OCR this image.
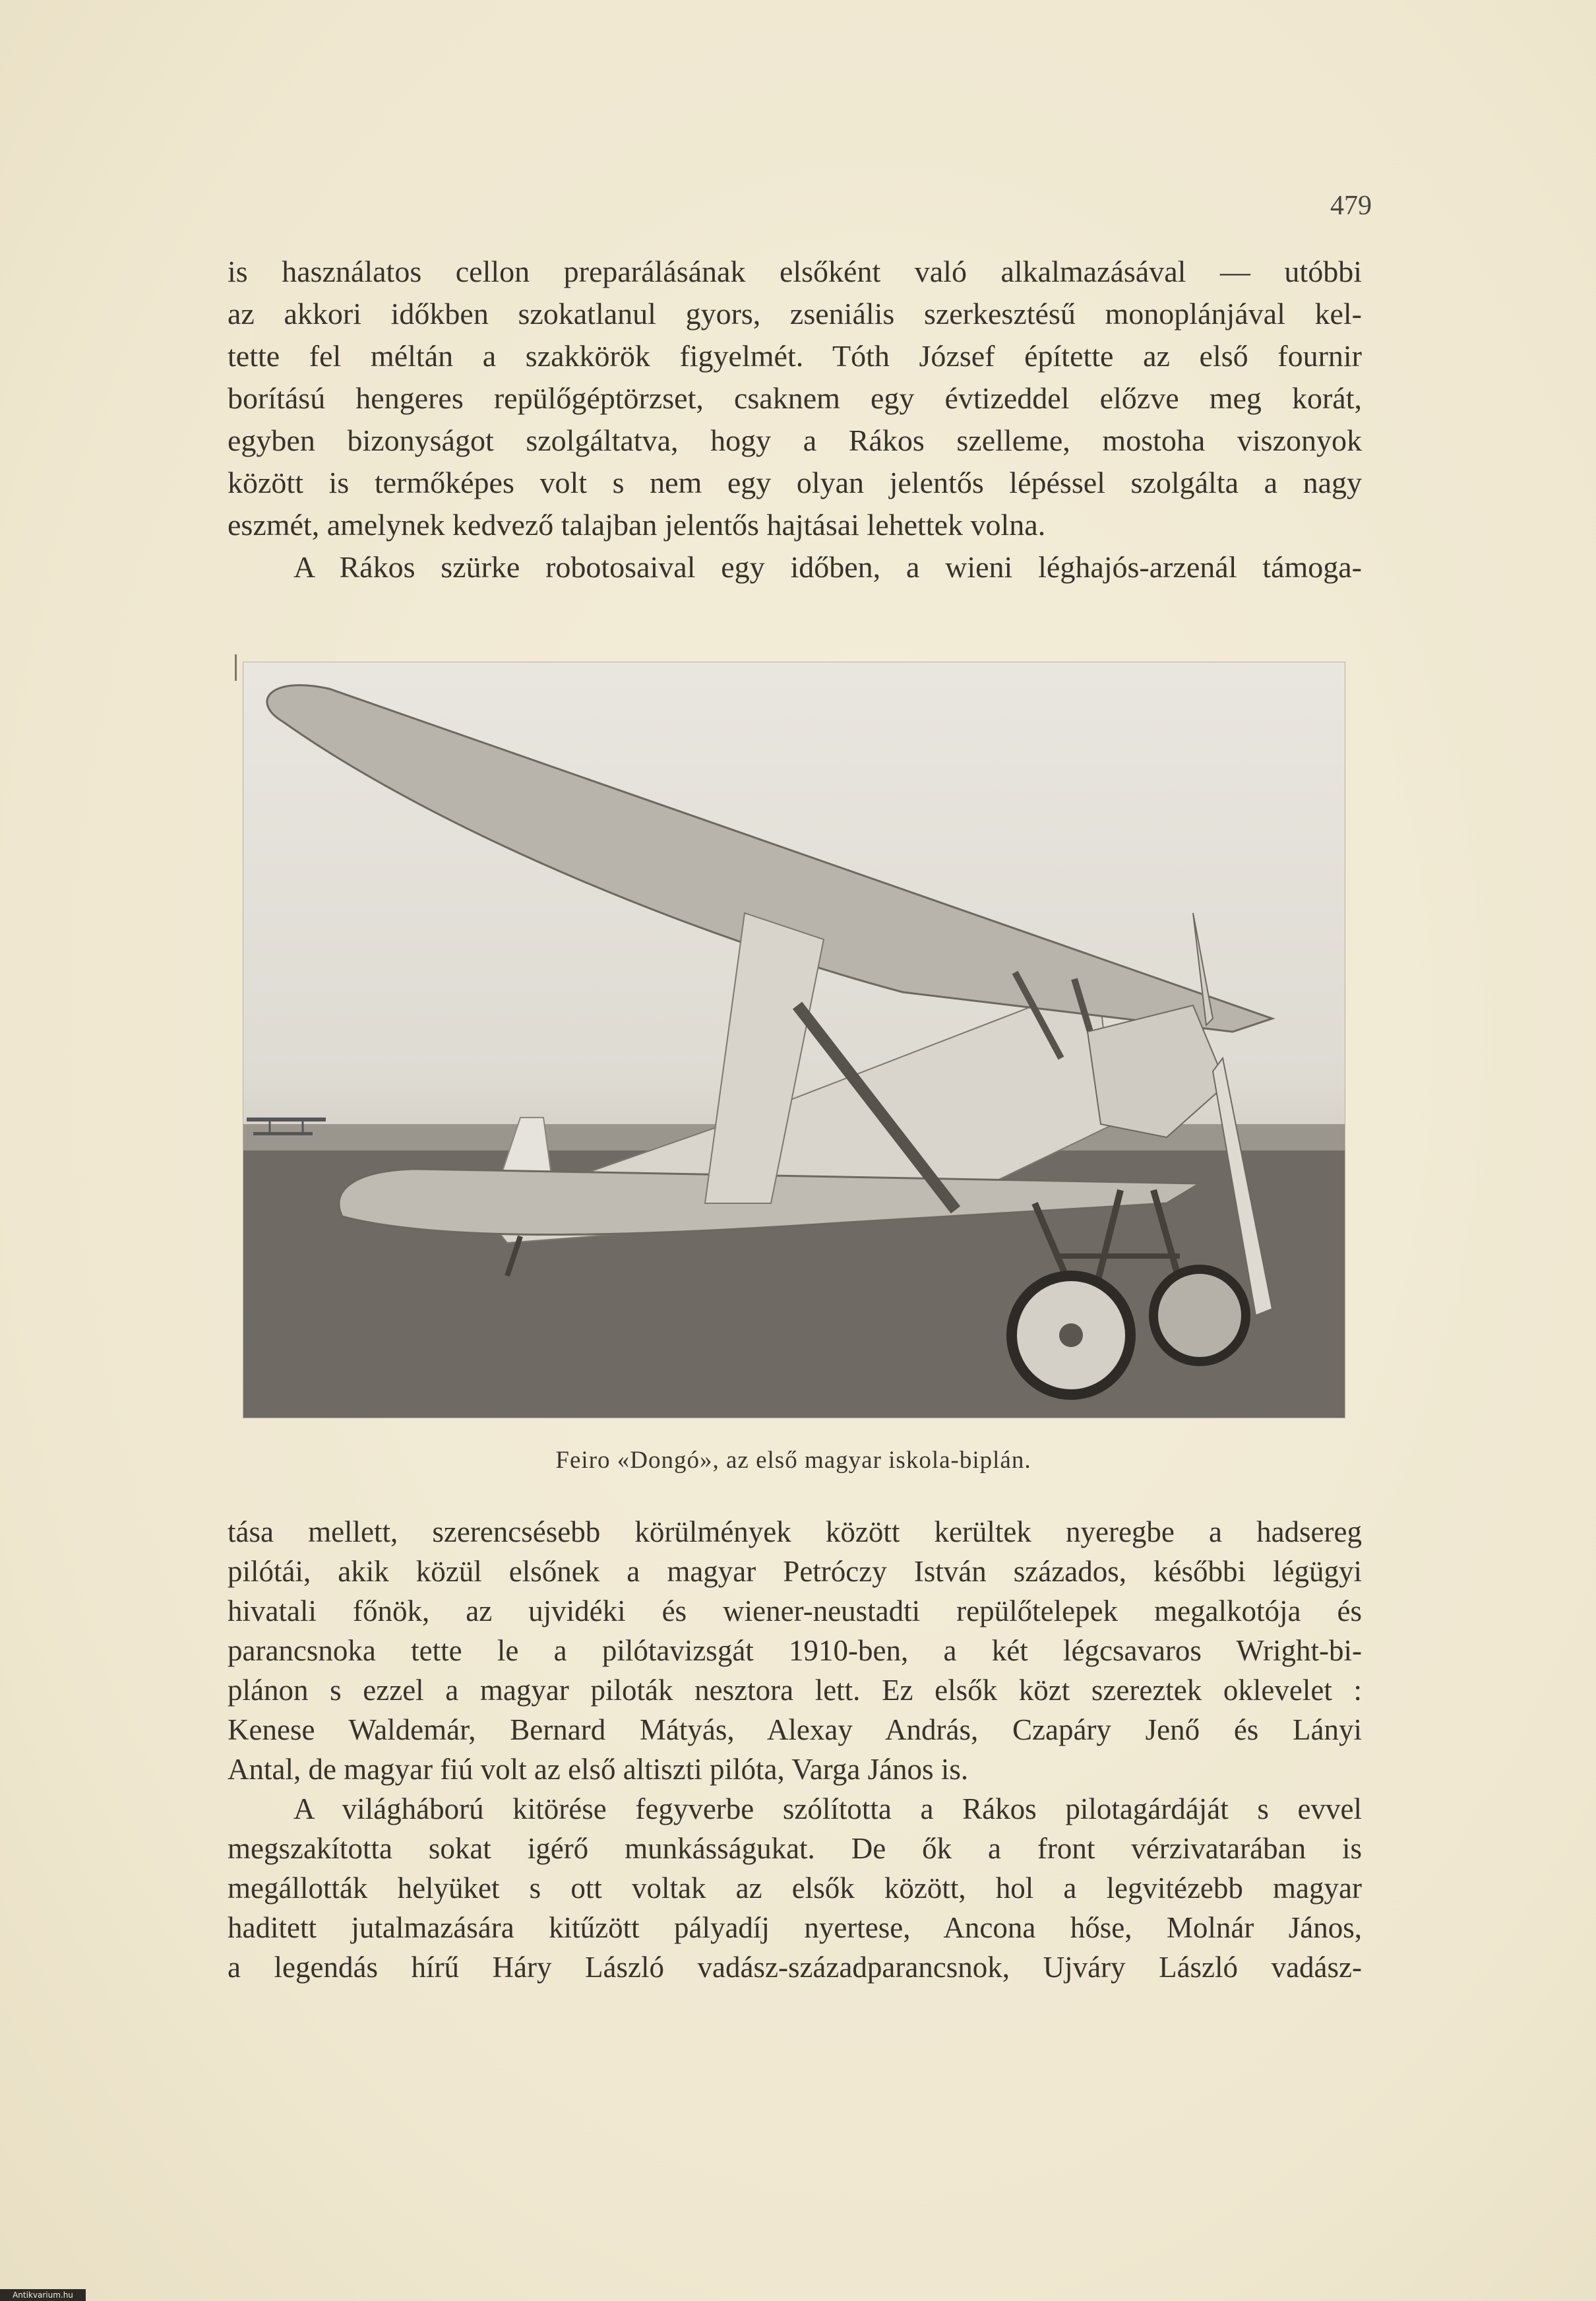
479
is használatos cellon preparálásának elsőként való alkalmazásával — utóbbi
az akkori időkben szokatlanul gyors, zseniális szerkesztésű monoplánjával kel-
tette fel méltán a szakkörök figyelmét. Tóth József építette az első fournir
borítású hengeres repülőgéptörzset, csaknem egy évtizeddel előzve meg korát,
egyben bizonyságot szolgáltatva, hogy a Rákos szelleme, mostoha viszonyok
között is termőképes volt s nem egy olyan jelentős lépéssel szolgálta a nagy
eszmét, amelynek kedvező talajban jelentős hajtásai lehettek volna.
A Rákos szürke robotosaival egy időben, a wieni léghajós-arzenál támoga-
Feiro «Dongó», az első magyar iskola-biplán.
tása mellett, szerencsésebb körülmények között kerültek nyeregbe a hadsereg
pilótái, akik közül elsőnek a magyar Petróczy István százados, későbbi légügyi
hivatali főnök, az ujvidéki és wiener-neustadti repülőtelepek megalkotója és
parancsnoka tette le a pilótavizsgát 1910-ben, a két légcsavaros Wright-bi-
plánon s ezzel a magyar piloták nesztora lett. Ez elsők közt szereztek oklevelet :
Kenese Waldemár, Bernard Mátyás, Alexay András, Czapáry Jenő és Lányi
Antal, de magyar fiú volt az első altiszti pilóta, Varga János is.
A világháború kitörése fegyverbe szólította a Rákos pilotagárdáját s evvel
megszakította sokat igérő munkásságukat. De ők a front vérzivatarában is
megállották helyüket s ott voltak az elsők között, hol a legvitézebb magyar
haditett jutalmazására kitűzött pályadíj nyertese, Ancona hőse, Molnár János,
a legendás hírű Háry László vadász-századparancsnok, Ujváry László vadász-
Antikvarium.hu
